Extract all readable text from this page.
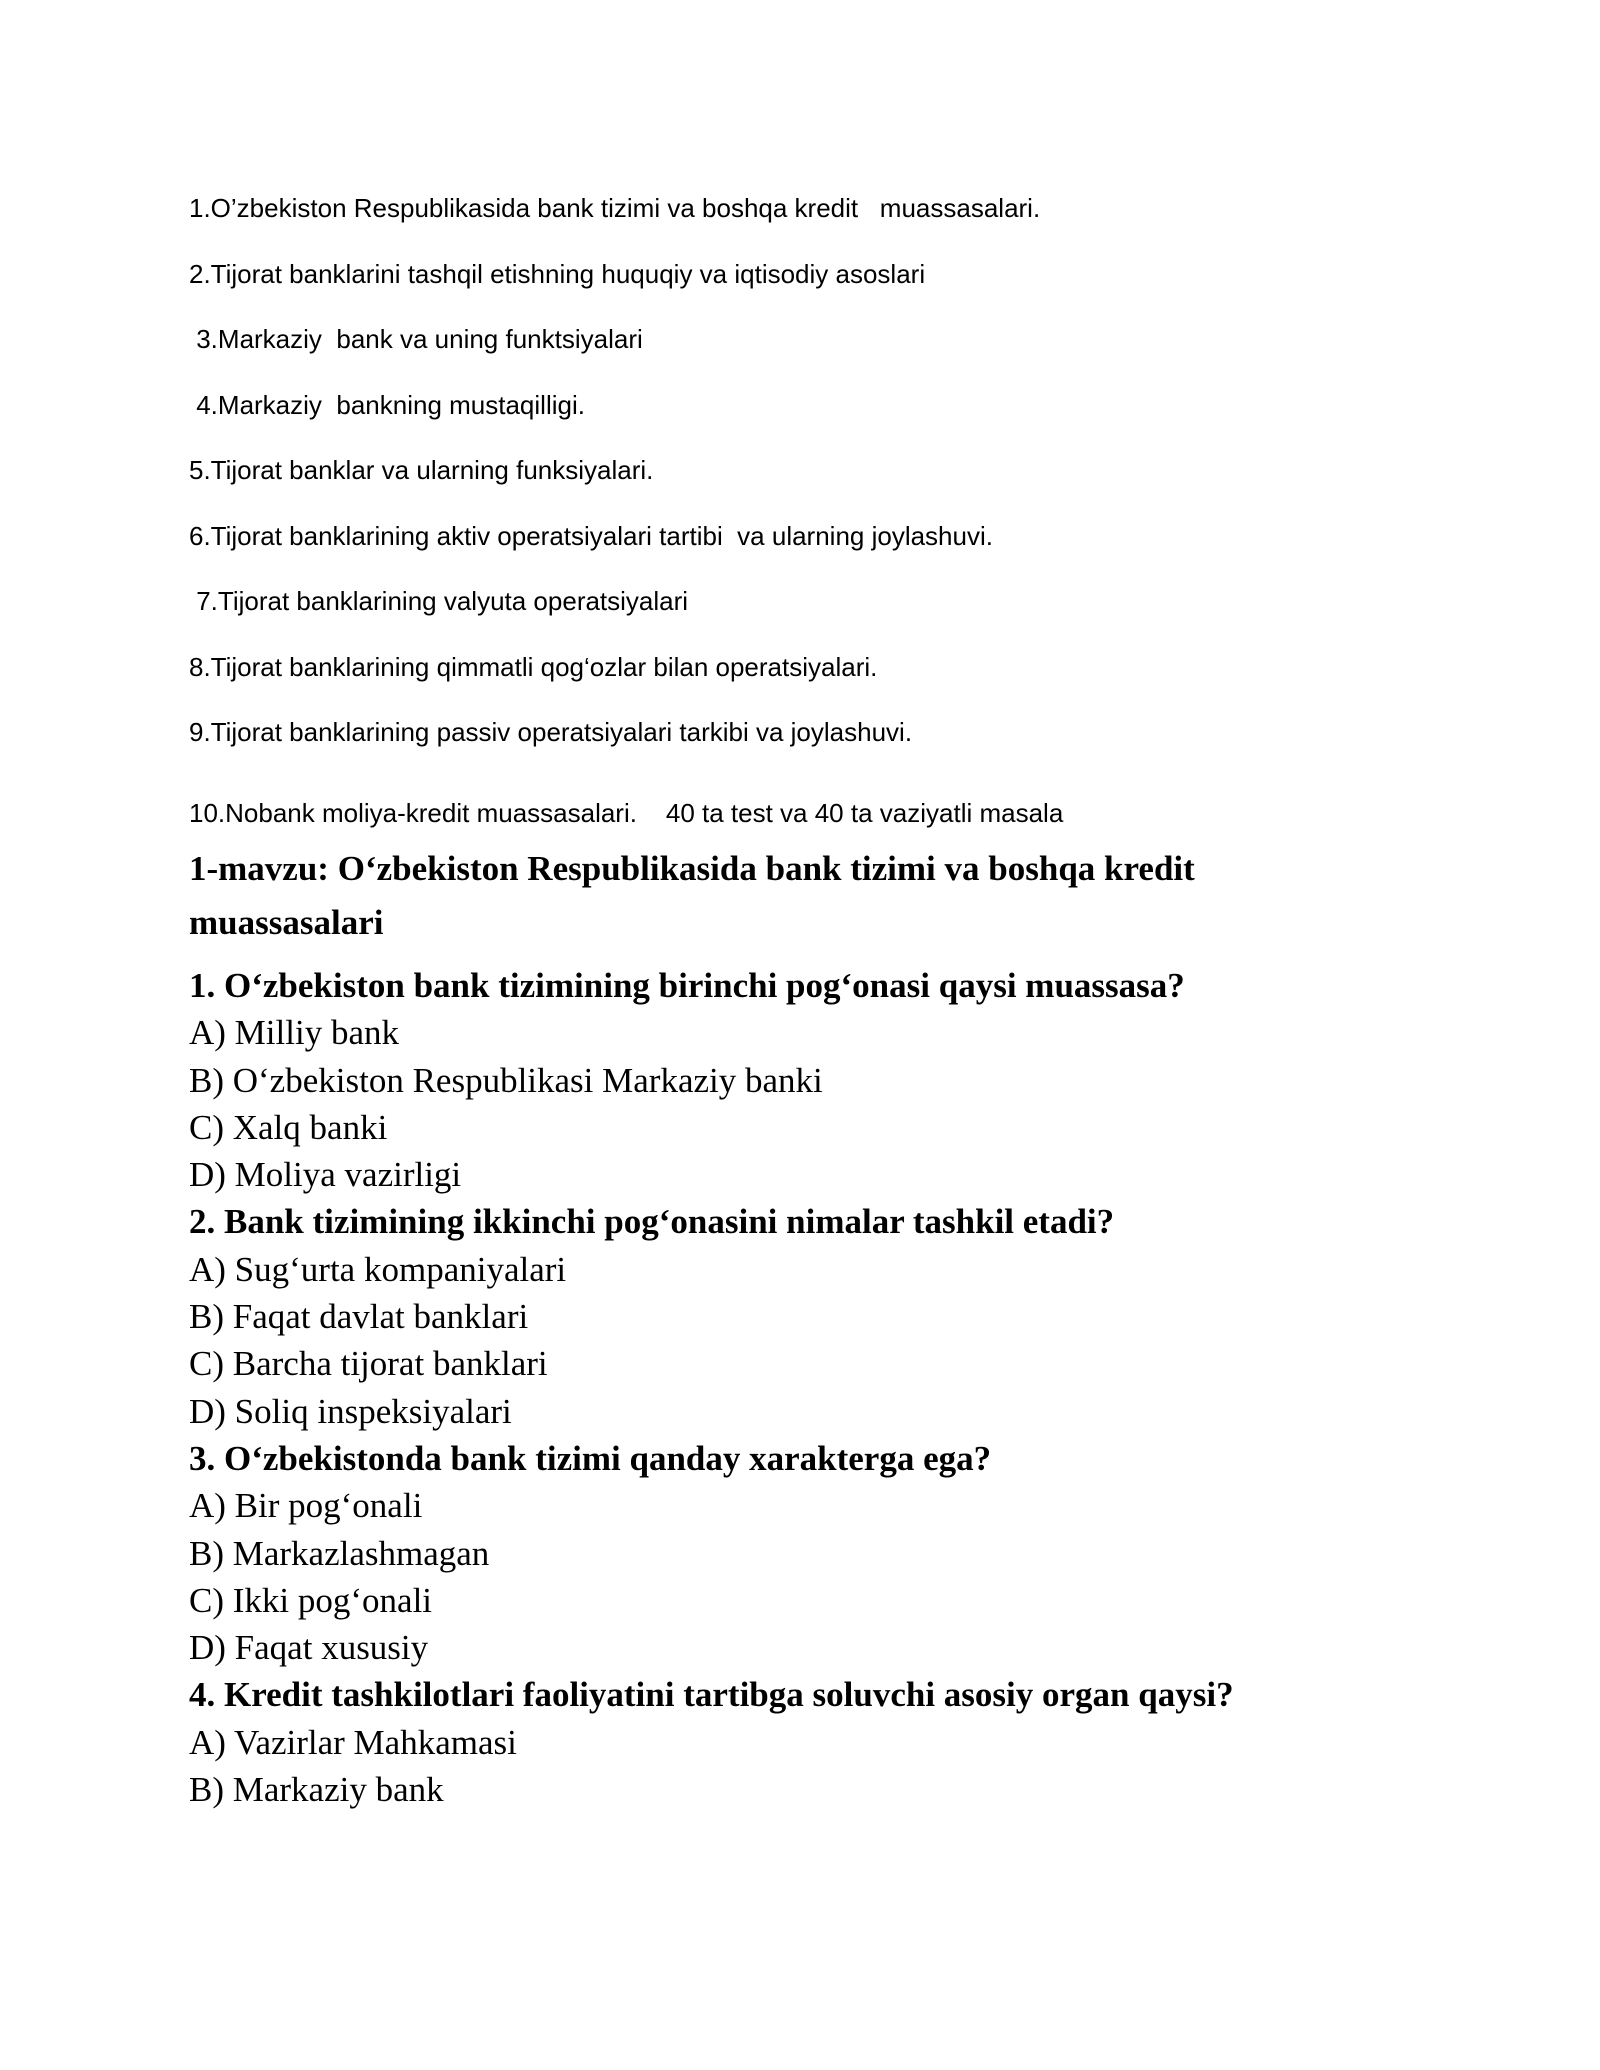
1.O’zbekiston Respublikasida bank tizimi va boshqa kredit   muassasalari.
2.Tijorat banklarini tashqil etishning huquqiy va iqtisodiy asoslari
3.Markaziy  bank va uning funktsiyalari
4.Markaziy  bankning mustaqilligi.
5.Tijorat banklar va ularning funksiyalari.
6.Tijorat banklarining aktiv operatsiyalari tartibi  va ularning joylashuvi.
7.Tijorat banklarining valyuta operatsiyalari
8.Tijorat banklarining qimmatli qog‘ozlar bilan operatsiyalari.
9.Tijorat banklarining passiv operatsiyalari tarkibi va joylashuvi.
10.Nobank moliya-kredit muassasalari.    40 ta test va 40 ta vaziyatli masala
1-mavzu: O‘zbekiston Respublikasida bank tizimi va boshqa kredit muassasalari
1. O‘zbekiston bank tizimining birinchi pog‘onasi qaysi muassasa?
A) Milliy bank
B) O‘zbekiston Respublikasi Markaziy banki
C) Xalq banki
D) Moliya vazirligi
2. Bank tizimining ikkinchi pog‘onasini nimalar tashkil etadi?
A) Sug‘urta kompaniyalari
B) Faqat davlat banklari
C) Barcha tijorat banklari
D) Soliq inspeksiyalari
3. O‘zbekistonda bank tizimi qanday xarakterga ega?
A) Bir pog‘onali
B) Markazlashmagan
C) Ikki pog‘onali
D) Faqat xususiy
4. Kredit tashkilotlari faoliyatini tartibga soluvchi asosiy organ qaysi?
A) Vazirlar Mahkamasi
B) Markaziy bank
